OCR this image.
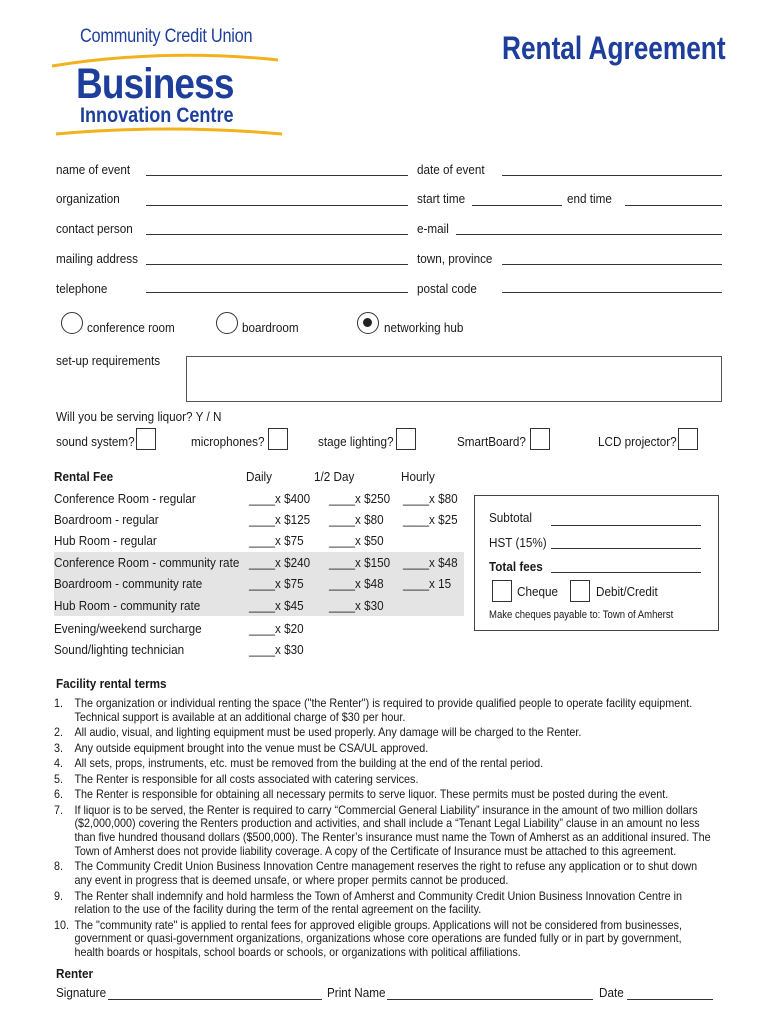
Community Credit Union
Business
Innovation Centre
Rental Agreement
name of event	date of event
organization	start time	end time
contact person	e-mail
mailing address	town, province
telephone	postal code
conference room	boardroom	networking hub
set-up requirements
Will you be serving liquor? Y / N
sound system?	microphones?	stage lighting?	SmartBoard?	LCD projector?
Rental Fee	Daily	1/2 Day	Hourly
Conference Room - regular	____x $400 ____x $250 ____x $80
Boardroom - regular	____x $125 ____x $80 ____x $25
Hub Room - regular	____x $75 ____x $50
Conference Room - community rate ____x $240 ____x $150 ____x $48
Boardroom - community rate	____x $75 ____x $48 ____x 15
Hub Room - community rate	____x $45 ____x $30
Evening/weekend surcharge	____x $20
Sound/lighting technician	____x $30
Subtotal
HST (15%)
Total fees
Cheque	Debit/Credit
Make cheques payable to: Town of Amherst
Facility rental terms
1. The organization or individual renting the space ("the Renter") is required to provide qualified people to operate facility equipment. Technical support is available at an additional charge of $30 per hour.
2. All audio, visual, and lighting equipment must be used properly. Any damage will be charged to the Renter.
3. Any outside equipment brought into the venue must be CSA/UL approved.
4. All sets, props, instruments, etc. must be removed from the building at the end of the rental period.
5. The Renter is responsible for all costs associated with catering services.
6. The Renter is responsible for obtaining all necessary permits to serve liquor. These permits must be posted during the event.
7. If liquor is to be served, the Renter is required to carry “Commercial General Liability” insurance in the amount of two million dollars ($2,000,000) covering the Renters production and activities, and shall include a “Tenant Legal Liability” clause in an amount no less than five hundred thousand dollars ($500,000). The Renter’s insurance must name the Town of Amherst as an additional insured. The Town of Amherst does not provide liability coverage. A copy of the Certificate of Insurance must be attached to this agreement.
8. The Community Credit Union Business Innovation Centre management reserves the right to refuse any application or to shut down any event in progress that is deemed unsafe, or where proper permits cannot be produced.
9. The Renter shall indemnify and hold harmless the Town of Amherst and Community Credit Union Business Innovation Centre in relation to the use of the facility during the term of the rental agreement on the facility.
10. The "community rate" is applied to rental fees for approved eligible groups. Applications will not be considered from businesses, government or quasi-government organizations, organizations whose core operations are funded fully or in part by government, health boards or hospitals, school boards or schools, or organizations with political affiliations.
Renter
Signature	Print Name	Date
